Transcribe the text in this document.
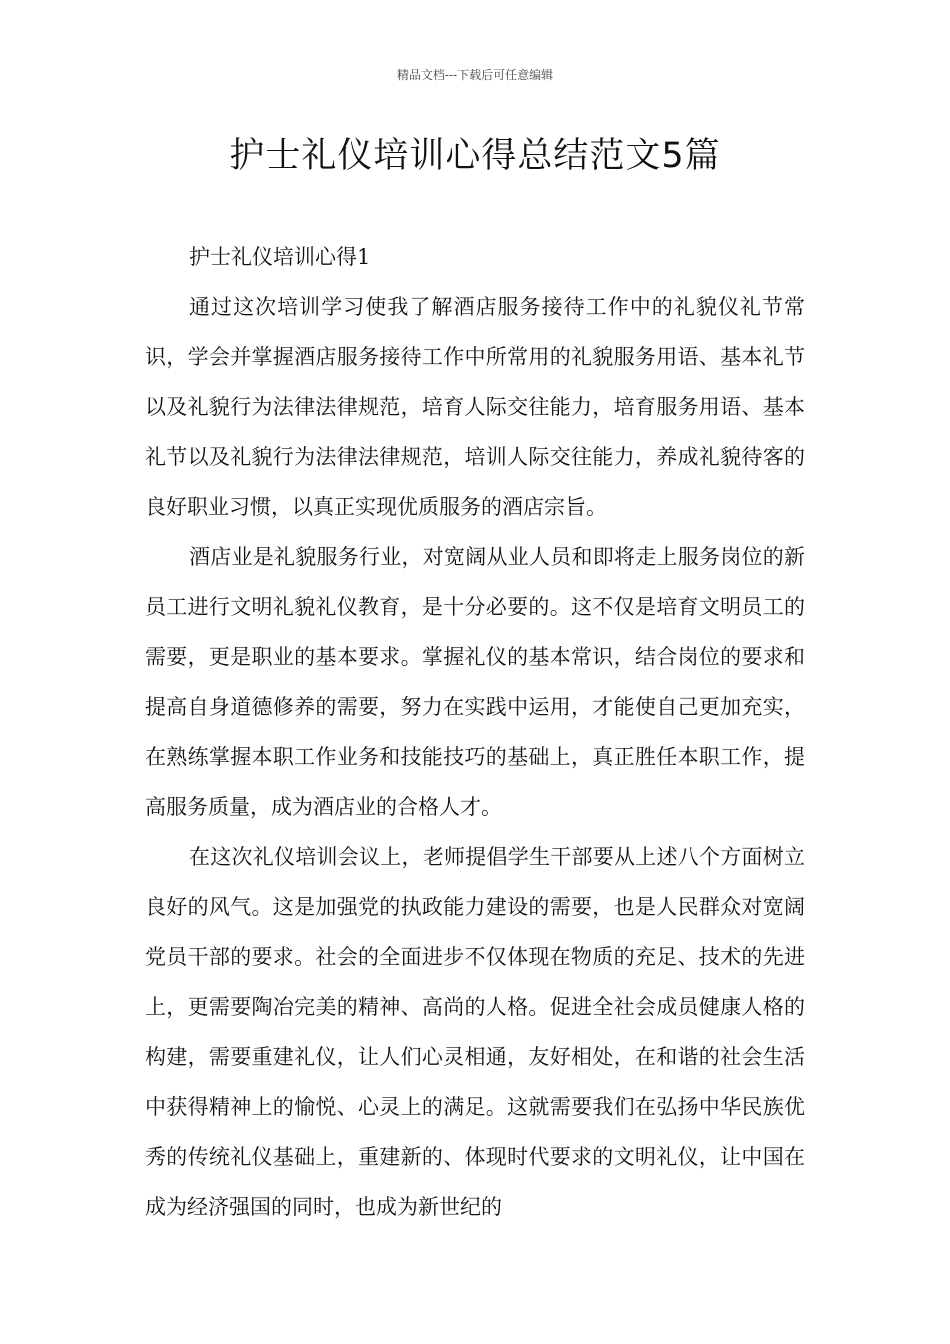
精品文档---下载后可任意编辑
护士礼仪培训心得总结范文5篇

护士礼仪培训心得1

通过这次培训学习使我了解酒店服务接待工作中的礼貌仪礼节常识，学会并掌握酒店服务接待工作中所常用的礼貌服务用语、基本礼节以及礼貌行为法律法律规范，培育人际交往能力，培育服务用语、基本礼节以及礼貌行为法律法律规范，培训人际交往能力，养成礼貌待客的良好职业习惯，以真正实现优质服务的酒店宗旨。

酒店业是礼貌服务行业，对宽阔从业人员和即将走上服务岗位的新员工进行文明礼貌礼仪教育，是十分必要的。这不仅是培育文明员工的需要，更是职业的基本要求。掌握礼仪的基本常识，结合岗位的要求和提高自身道德修养的需要，努力在实践中运用，才能使自己更加充实，在熟练掌握本职工作业务和技能技巧的基础上，真正胜任本职工作，提高服务质量，成为酒店业的合格人才。

在这次礼仪培训会议上，老师提倡学生干部要从上述八个方面树立良好的风气。这是加强党的执政能力建设的需要，也是人民群众对宽阔党员干部的要求。社会的全面进步不仅体现在物质的充足、技术的先进上，更需要陶冶完美的精神、高尚的人格。促进全社会成员健康人格的构建，需要重建礼仪，让人们心灵相通，友好相处，在和谐的社会生活中获得精神上的愉悦、心灵上的满足。这就需要我们在弘扬中华民族优秀的传统礼仪基础上，重建新的、体现时代要求的文明礼仪，让中国在成为经济强国的同时，也成为新世纪的
